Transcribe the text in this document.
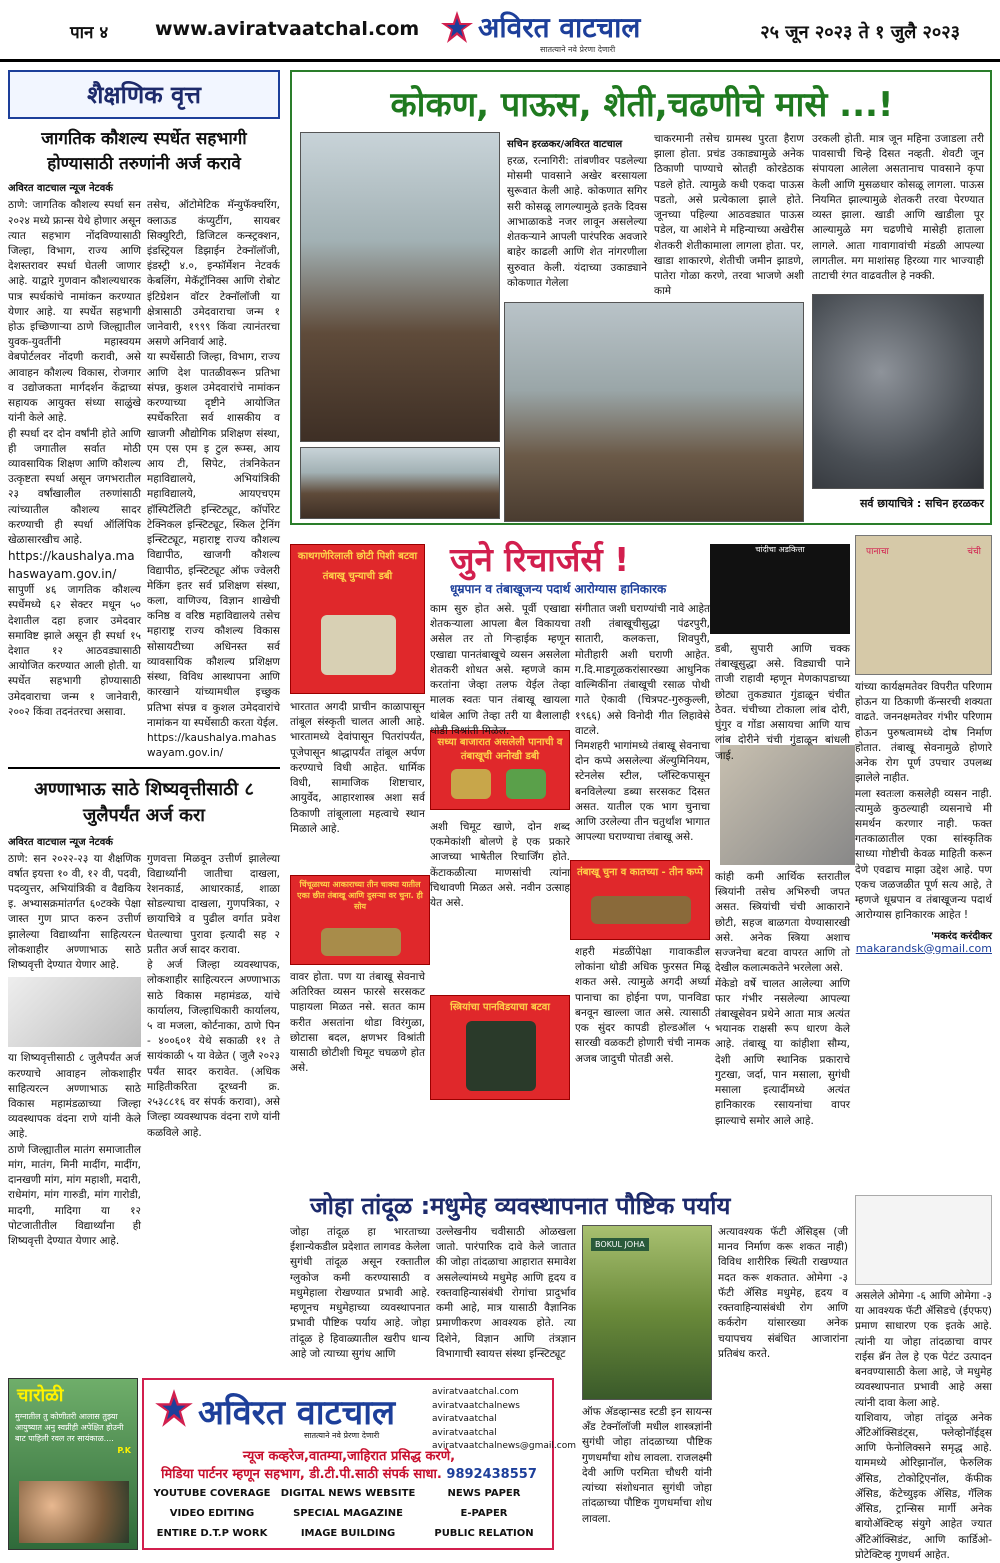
पान ४ www.aviratvaatchal.com अविरत वाटचाल
सातत्याने नवे प्रेरणा देणारी
२५ जून २०२३ ते १ जुलै २०२३
शैक्षणिक वृत्त
जागतिक कौशल्य स्पर्धेत सहभागी होण्यासाठी तरुणांनी अर्ज करावे
अविरत वाटचाल न्यूज नेटवर्क

ठाणे: जागतिक कौशल्य स्पर्धा सन २०२४ मध्ये फ्रान्स येथे होणार असून त्यात सहभाग नोंदविण्यासाठी जिल्हा, विभाग, राज्य आणि देशस्तरावर स्पर्धा घेतली जाणार आहे. याद्वारे गुणवान कौशल्यधारक पात्र स्पर्धकांचे नामांकन करण्यात येणार आहे. या स्पर्धेत सहभागी होऊ इच्छिणाऱ्या ठाणे जिल्ह्यातील युवक-युवतींनी महास्वयम वेबपोर्टलवर नोंदणी करावी, असे आवाहन कौशल्य विकास, रोजगार व उद्योजकता मार्गदर्शन केंद्राच्या सहायक आयुक्त संध्या साळुंखे यांनी केले आहे.

ही स्पर्धा दर दोन वर्षांनी होते आणि ही जगातील सर्वात मोठी व्यावसायिक शिक्षण आणि कौशल्य उत्कृष्टता स्पर्धा असून जगभरातील २३ वर्षांखालील तरुणांसाठी त्यांच्यातील कौशल्य सादर करण्याची ही स्पर्धा ऑलिंपिक खेळासारखीच आहे.

https://kaushalya.mahaswayam.gov.in/

सापुर्णी ४६ जागतिक कौशल्य स्पर्धेमध्ये ६२ सेक्टर मधून ५० देशातील दहा हजार उमेदवार समाविष्ट झाले असून ही स्पर्धा १५ देशात १२ आठवड्यासाठी आयोजित करण्यात आली होती. या स्पर्धेत सहभागी होण्यासाठी उमेदवाराचा जन्म १ जानेवारी, २००२ किंवा तदनंतरचा असावा.

तसेच, ऑटोमेटिक मॅन्युफॅक्चरिंग, क्लाऊड कंप्युटींग, सायबर सिक्युरिटी, डिजिटल कन्स्ट्रक्शन, इंडस्ट्रियल डिझाईन टेक्नॉलॉजी, इंडस्ट्री ४.०, इन्फॉर्मेशन नेटवर्क केबलिंग, मेकॅट्रॉनिक्स आणि रोबोट इंटिग्रेशन वॉटर टेक्नॉलॉजी या क्षेत्रासाठी उमेदवाराचा जन्म १ जानेवारी, १९९९ किंवा त्यानंतरचा असणे अनिवार्य आहे.

या स्पर्धेसाठी जिल्हा, विभाग, राज्य आणि देश पातळीवरून प्रतिभा संपन्न, कुशल उमेदवारांचे नामांकन करण्याच्या दृष्टीने आयोजित स्पर्धेकरिता सर्व शासकीय व खाजगी औद्योगिक प्रशिक्षण संस्था, एम एस एम इ टुल रूम्स, आय आय टी, सिपेट, तंत्रनिकेतन महाविद्यालये, अभियांत्रिकी महाविद्यालये, आयएचएम हॉस्पिटॅलिटी इन्स्टिट्यूट, कॉर्पोरेट टेक्निकल इन्स्टिट्यूट, स्किल ट्रेनिंग इन्स्टिट्यूट, महाराष्ट्र राज्य कौशल्य विद्यापीठ, खाजगी कौशल्य विद्यापीठ, इन्स्टिट्यूट ऑफ ज्वेलरी मेकिंग इतर सर्व प्रशिक्षण संस्था, कला, वाणिज्य, विज्ञान शाखेची कनिष्ठ व वरिष्ठ महाविद्यालये तसेच महाराष्ट्र राज्य कौशल्य विकास सोसायटीच्या अधिनस्त सर्व व्यावसायिक कौशल्य प्रशिक्षण संस्था, विविध आस्थापना आणि कारखाने यांच्यामधील इच्छुक प्रतिभा संपन्न व कुशल उमेदवारांचे नामांकन या स्पर्धेसाठी करता येईल.

https://kaushalya.mahaswayam.gov.in/

अण्णाभाऊ साठे शिष्यवृत्तीसाठी ८ जुलैपर्यंत अर्ज करा
अविरत वाटचाल न्यूज नेटवर्क

ठाणे: सन २०२२-२३ या शैक्षणिक वर्षात इयत्ता १० वी, १२ वी, पदवी, पदव्युत्तर, अभियांत्रिकी व वैद्यकिय इ. अभ्यासक्रमांतर्गत ६०टक्के पेक्षा जास्त गुण प्राप्त करुन उत्तीर्ण झालेल्या विद्यार्थ्यांना साहित्यरत्न लोकशाहीर अण्णाभाऊ साठे शिष्यवृत्ती देण्यात येणार आहे.

या शिष्यवृत्तीसाठी ८ जुलैपर्यंत अर्ज करण्याचे आवाहन लोकशाहीर साहित्यरत्न अण्णाभाऊ साठे विकास महामंडळाच्या जिल्हा व्यवस्थापक वंदना राणे यांनी केले आहे.

ठाणे जिल्ह्यातील मातंग समाजातील मांग, मातंग, मिनी मादींग, मादींग, दानखणी मांग, मांग महाशी, मदारी, राधेमांग, मांग गारुडी, मांग गारोडी, मादगी, मादिगा या १२ पोटजातीतील विद्यार्थ्यांना ही शिष्यवृत्ती देण्यात येणार आहे.

गुणवत्ता मिळवून उत्तीर्ण झालेल्या विद्यार्थ्यांनी जातीचा दाखला, रेशनकार्ड, आधारकार्ड, शाळा सोडल्याचा दाखला, गुणपत्रिका, २ छायाचित्रे व पुढील वर्गात प्रवेश घेतल्याचा पुरावा इत्यादी सह २ प्रतीत अर्ज सादर करावा.

हे अर्ज जिल्हा व्यवस्थापक, लोकशाहीर साहित्यरत्न अण्णाभाऊ साठे विकास महामंडळ, यांचे कार्यालय, जिल्हाधिकारी कार्यालय, ५ वा मजला, कोर्टनाका, ठाणे पिन - ४००६०१ येथे सकाळी ११ ते सायंकाळी ५ या वेळेत ( जुलै २०२३ पर्यंत सादर करावेत. (अधिक माहितीकरिता दूरध्वनी क्र. २५३८८१६ वर संपर्क करावा), असे जिल्हा व्यवस्थापक वंदना राणे यांनी कळविले आहे.

कोकण, पाऊस, शेती,चढणीचे मासे ...!
सचिन हरळकर/अविरत वाटचाल

हरळ, रत्नागिरी: तांबणीवर पडलेल्या मोसमी पावसाने अखेर बरसायला सुरूवात केली आहे. कोकणात सगिर सरी कोसळू लागल्यामुळे इतके दिवस आभाळाकडे नजर लावून असलेल्या शेतकऱ्याने आपली पारंपरिक अवजारे बाहेर काढली आणि शेत नांगरणीला सुरुवात केली. यंदाच्या उकाड्याने कोकणात गेलेला

चाकरमानी तसेच ग्रामस्थ पुरता हैराण झाला होता. प्रचंड उकाड्यामुळे अनेक ठिकाणी पाण्याचे स्रोतही कोरडेठाक पडले होते. त्यामुळे कधी एकदा पाऊस पडतो, असे प्रत्येकाला झाले होते. जूनच्या पहिल्या आठवड्यात पाऊस पडेल, या आशेने मे महिन्याच्या अखेरीस शेतकरी शेतीकामाला लागला होता. पर, खाडा शाकारणे, शेतीची जमीन झाडणे, पातेरा गोळा करणे, तरवा भाजणे अशी कामे

उरकली होती. मात्र जून महिना उजाडला तरी पावसाची चिन्हे दिसत नव्हती. शेवटी जून संपायला आलेला असतानाच पावसाने कृपा केली आणि मुसळधार कोसळू लागला. पाऊस नियमित झाल्यामुळे शेतकरी तरवा पेरण्यात व्यस्त झाला. खाडी आणि खाडीला पूर आल्यामुळे मग चढणीचे मासेही हाताला लागले. आता गावागावांची मंडळी आपल्या लागतील. मग माशांसह हिरव्या गार भाज्याही ताटाची रंगत वाढवतील हे नक्की.

सर्व छायाचित्रे : सचिन हरळकर
जुने रिचार्जर्स !
धूम्रपान व तंबाखूजन्य पदार्थ आरोग्यास हानिकारक
काथगणेरिलाली छोटी पिशी बटवा
तंबाखू चुन्याची डबी
सध्या बाजारात असलेली पानाची व तंबाखूची अनोखी डबी
चिंचूळाच्या आकाराच्या तीन चाक्या यातील एका छीत तंबाखू आणि दुसऱ्या वर चुना. ही सोय
तंबाखू चुना व कातच्या - तीन कप्पे
स्त्रियांचा पानविडयाचा बटवा
चांदीचा अडकित्ता	पानाचा	चंची

काम सुरु होत असे. पूर्वी एखाद्या शेतकऱ्याला आपला बैल विकायचा असेल तर तो गिऱ्हाईक म्हणून एखाद्या पानतंबाखूचे व्यसन असलेला शेतकरी शोधत असे. म्हणजे काम करतांना जेव्हा तलफ येईल तेव्हा मालक स्वतः पान तंबाखू खायला थांबेल आणि तेव्हा तरी या बैलालाही थोडी विश्रांती मिळेल.

भारतात अगदी प्राचीन काळापासून तांबूल संस्कृती चालत आली आहे. भारतामध्ये देवांपासून पितरांपर्यंत, पूजेपासून श्राद्धापर्यंत तांबूल अर्पण करण्याचे विधी आहेत. धार्मिक विधी, सामाजिक शिष्टाचार, आयुर्वेद, आहारशास्त्र अशा सर्व ठिकाणी तांबूलाला महत्वाचे स्थान मिळाले आहे.	अशी चिमूट खाणे, दोन शब्द एकमेकांशी बोलणे हे एक प्रकारे आजच्या भाषेतील रिचार्जिंग होते. केंटाकळीत्या माणसांची त्यांना चिथावणी मिळत असे. नवीन उत्साह येत असे.

वावर होता. पण या तंबाखू सेवनाचे अतिरिक्त व्यसन फारसे सरसकट पाहायला मिळत नसे. सतत काम करीत असतांना थोडा विरंगुळा, छोटासा बदल, क्षणभर विश्रांती यासाठी छोटीशी चिमूट चघळणे होत असे.

संगीतात जशी घराण्यांची नावे आहेत तशी तंबाखूचीसुद्धा पंढरपुरी, सातारी, कलकत्ता, शिवपुरी, मोतीहारी अशी घराणी आहेत. ग.दि.माडगूळकरांसारख्या आधुनिक वाल्मिकींना तंबाखूची रसाळ पोथी गाते ऐकावी (चित्रपट-गुरुकुल्ली, १९६६) असे विनोदी गीत लिहावेसे वाटले.

निमशहरी भागांमध्ये तंबाखू सेवनाचा दोन कप्पे असलेल्या ॲल्युमिनियम, स्टेनलेस स्टील, प्लॅस्टिकपासून बनविलेल्या डब्या सरसकट दिसत असत. यातील एक भाग चुनाचा आणि उरलेल्या तीन चतुर्थांश भागात आपल्या घराण्याचा तंबाखू असे.

शहरी मंडळींपेक्षा गावाकडील लोकांना थोडी अधिक फुरसत मिळू शकत असे. त्यामुळे अगदी अर्ध्या पानाचा का होईना पण, पानविडा बनवून खाल्ला जात असे. त्यासाठी एक सुंदर कापडी होल्डऑल ५ सारखी वळकटी होणारी चंची नामक अजब जादुची पोतडी असे.

डबी, सुपारी आणि चक्क तंबाखूसुद्धा असे. विड्याची पाने ताजी राहावी म्हणून मेणकापडाच्या छोट्या तुकड्यात गुंडाळून चंचीत ठेवत. चंचीच्या टोकाला लांब दोरी, घुंगुर व गोंडा असायचा आणि याच लांब दोरीने चंची गुंडाळून बांधली जाई.

कांही कमी आर्थिक स्तरातील स्त्रियांनी तसेच अभिरुची जपत असत. स्त्रियांची चंची आकाराने छोटी, सहज बाळगता येण्यासारखी असे. अनेक स्त्रिया अशाच सज्जनेचा बटवा वापरत आणि तो देखील कलात्मकतेने भरलेला असे.

मेंकेडो वर्षे चालत आलेल्या आणि फार गंभीर नसलेल्या आपल्या तंबाखूसेवन प्रथेने आता मात्र अत्यंत भयानक राक्षसी रूप धारण केले आहे. तंबाखू या कांहीशा सौम्य, देशी आणि स्थानिक प्रकाराचे गुटखा, जर्दा, पान मसाला, सुगंधी मसाला इत्यादींमध्ये अत्यंत हानिकारक रसायनांचा वापर झाल्याचे समोर आले आहे.

यांच्या कार्यक्षमतेवर विपरीत परिणाम होऊन या ठिकाणी कॅन्सरची शक्यता वाढते. जननक्षमतेवर गंभीर परिणाम होऊन पुरुषत्वामध्ये दोष निर्माण होतात. तंबाखू सेवनामुळे होणारे अनेक रोग पूर्ण उपचार उपलब्ध झालेले नाहीत.

मला स्वतःला कसलेही व्यसन नाही. त्यामुळे कुठल्याही व्यसनाचे मी समर्थन करणार नाही. फक्त गतकाळातील एका सांस्कृतिक साध्या गोष्टीची केवळ माहिती करून देणे एवढाच माझा उद्देश आहे. पण एकच जळजळीत पूर्ण सत्य आहे, ते म्हणजे धूम्रपान व तंबाखूजन्य पदार्थ आरोग्यास हानिकारक आहेत !

'मकरंद करंदीकर
makarandsk@gmail.com
जोहा तांदूळ :मधुमेह व्यवस्थापनात पौष्टिक पर्याय

जोहा तांदूळ हा भारताच्या ईशान्येकडील प्रदेशात लागवड केलेला सुगंधी तांदूळ असून रक्तातील ग्लुकोज कमी करण्यासाठी व मधुमेहाला रोखण्यात प्रभावी आहे. म्हणूनच मधुमेहाच्या व्यवस्थापनात प्रभावी पौष्टिक पर्याय आहे. जोहा तांदूळ हे हिवाळ्यातील खरीप धान्य आहे जो त्याच्या सुगंध आणि

उल्लेखनीय चवीसाठी ओळखला जातो. पारंपारिक दावे केले जातात की जोहा तांदळाचा आहारात समावेश असलेल्यांमध्ये मधुमेह आणि हृदय व रक्तवाहिन्यासंबंधी रोगांचा प्रादुर्भाव कमी आहे, मात्र यासाठी वैज्ञानिक प्रमाणीकरण आवश्यक होते. त्या दिशेने, विज्ञान आणि तंत्रज्ञान विभागाची स्वायत्त संस्था इन्स्टिट्यूट

BOKUL JOHA

ऑफ ॲडव्हान्सड स्टडी इन सायन्स ॲंड टेक्नॉलॉजी मधील शास्त्रज्ञांनी सुगंधी जोहा तांदळाच्या पौष्टिक गुणधर्मांचा शोध लावला. राजलक्ष्मी देवी आणि परमिता चौधरी यांनी त्यांच्या संशोधनात सुगंधी जोहा तांदळाच्या पौष्टिक गुणधर्माचा शोध लावला.

अत्यावश्यक फॅटी ॲसिड्स (जी मानव निर्माण करू शकत नाही) विविध शारीरिक स्थिती राखण्यात मदत करू शकतात. ओमेगा -३ फॅटी ॲसिड मधुमेह, हृदय व रक्तवाहिन्यासंबंधी रोग आणि कर्करोग यांसारख्या अनेक चयापचय संबंधित आजारांना प्रतिबंध करते.

असलेले ओमेगा -६ आणि ओमेगा -३ या आवश्यक फॅटी ॲसिडचे (ईएफए) प्रमाण साधारण एक इतके आहे. त्यांनी या जोहा तांदळाचा वापर राईस ब्रॅन तेल हे एक पेटंट उत्पादन बनवण्यासाठी केला आहे, जे मधुमेह व्यवस्थापनात प्रभावी आहे असा त्यांनी दावा केला आहे.

याशिवाय, जोहा तांदूळ अनेक अँटिऑक्सिडंट्स, फ्लेव्होनॉईड्स आणि फेनोलिक्सने समृद्ध आहे. याममध्ये ओरिझानॉल, फेरुलिक ॲसिड, टोकोट्रिएनॉल, कॅफीक ॲसिड, कॅटेच्युइक ॲसिड, गॅलिक ॲसिड, ट्रान्सिस मार्गी अनेक बायोॲक्टिव्ह संयुगे आहेत ज्यात अँटिऑक्सिडंट, आणि कार्डिओ-प्रोटेक्टिव्ह गुणधर्म आहेत.

चारोळी
मुग्नातील तु कोणीतरी आलास तुझ्या आयुष्यात अनु स्वप्नीही अपेक्षित होउनी बाट पाहिली रवल तर सायंकाळ....
P.K
अविरत वाटचाल
सातत्याने नवे प्रेरणा देणारी
aviratvaatchal.com
aviratvaatchalnews
aviratvaatchal
aviratvaatchal
aviratvaatchalnews@gmail.com
न्यूज कव्हरेज,वातम्या,जाहिरात प्रसिद्ध करणे,
मिडिया पार्टनर म्हणून सहभाग, डी.टी.पी.साठी संपर्क साधा. 9892438557
YOUTUBE COVERAGE	DIGITAL NEWS WEBSITE	NEWS PAPER
VIDEO EDITING	SPECIAL MAGAZINE	E-PAPER
ENTIRE D.T.P WORK	IMAGE BUILDING	PUBLIC RELATION
